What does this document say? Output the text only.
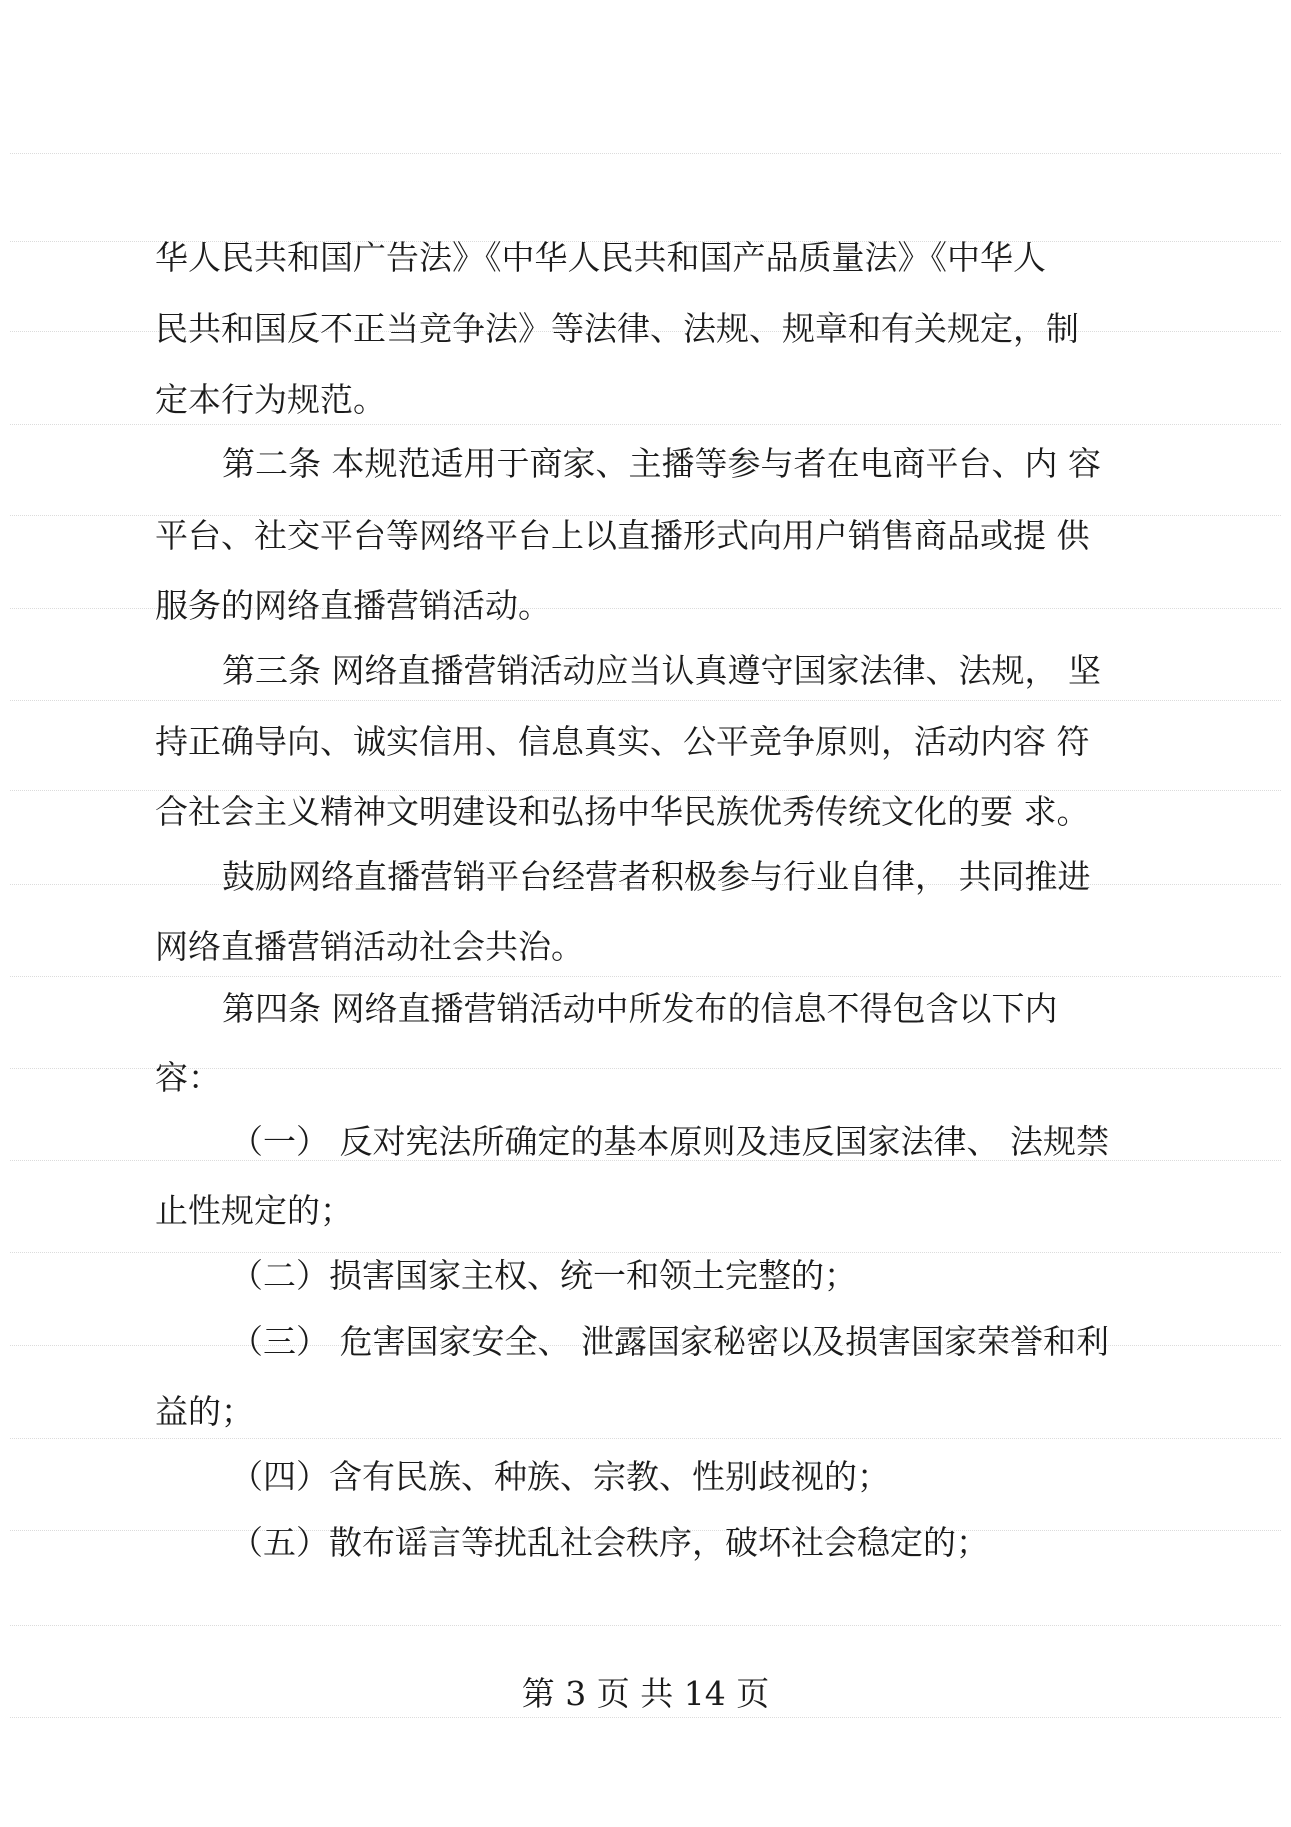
华人民共和国广告法》《中华人民共和国产品质量法》《中华人
民共和国反不正当竞争法》等法律、法规、规章和有关规定，制
定本行为规范。
第二条 本规范适用于商家、主播等参与者在电商平台、内 容
平台、社交平台等网络平台上以直播形式向用户销售商品或提 供
服务的网络直播营销活动。
第三条 网络直播营销活动应当认真遵守国家法律、法规， 坚
持正确导向、诚实信用、信息真实、公平竞争原则，活动内容 符
合社会主义精神文明建设和弘扬中华民族优秀传统文化的要 求。
鼓励网络直播营销平台经营者积极参与行业自律， 共同推进
网络直播营销活动社会共治。
第四条 网络直播营销活动中所发布的信息不得包含以下内
容：
（一） 反对宪法所确定的基本原则及违反国家法律、 法规禁
止性规定的；
（二）损害国家主权、统一和领土完整的；
（三） 危害国家安全、 泄露国家秘密以及损害国家荣誉和利
益的；
（四）含有民族、种族、宗教、性别歧视的；
（五）散布谣言等扰乱社会秩序，破坏社会稳定的；
第 3 页 共 14 页
